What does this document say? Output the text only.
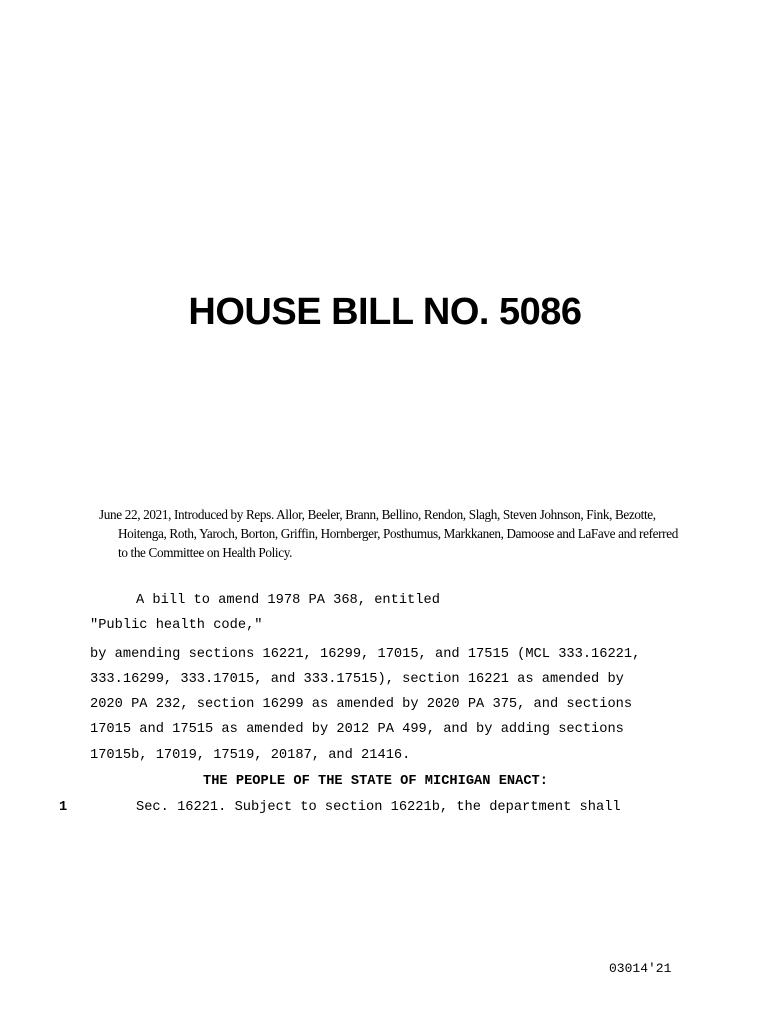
HOUSE BILL NO. 5086
June 22, 2021, Introduced by Reps. Allor, Beeler, Brann, Bellino, Rendon, Slagh, Steven Johnson, Fink, Bezotte, Hoitenga, Roth, Yaroch, Borton, Griffin, Hornberger, Posthumus, Markkanen, Damoose and LaFave and referred to the Committee on Health Policy.
A bill to amend 1978 PA 368, entitled
"Public health code,"
by amending sections 16221, 16299, 17015, and 17515 (MCL 333.16221,
333.16299, 333.17015, and 333.17515), section 16221 as amended by
2020 PA 232, section 16299 as amended by 2020 PA 375, and sections
17015 and 17515 as amended by 2012 PA 499, and by adding sections
17015b, 17019, 17519, 20187, and 21416.
THE PEOPLE OF THE STATE OF MICHIGAN ENACT:
1	Sec. 16221. Subject to section 16221b, the department shall
03014'21
